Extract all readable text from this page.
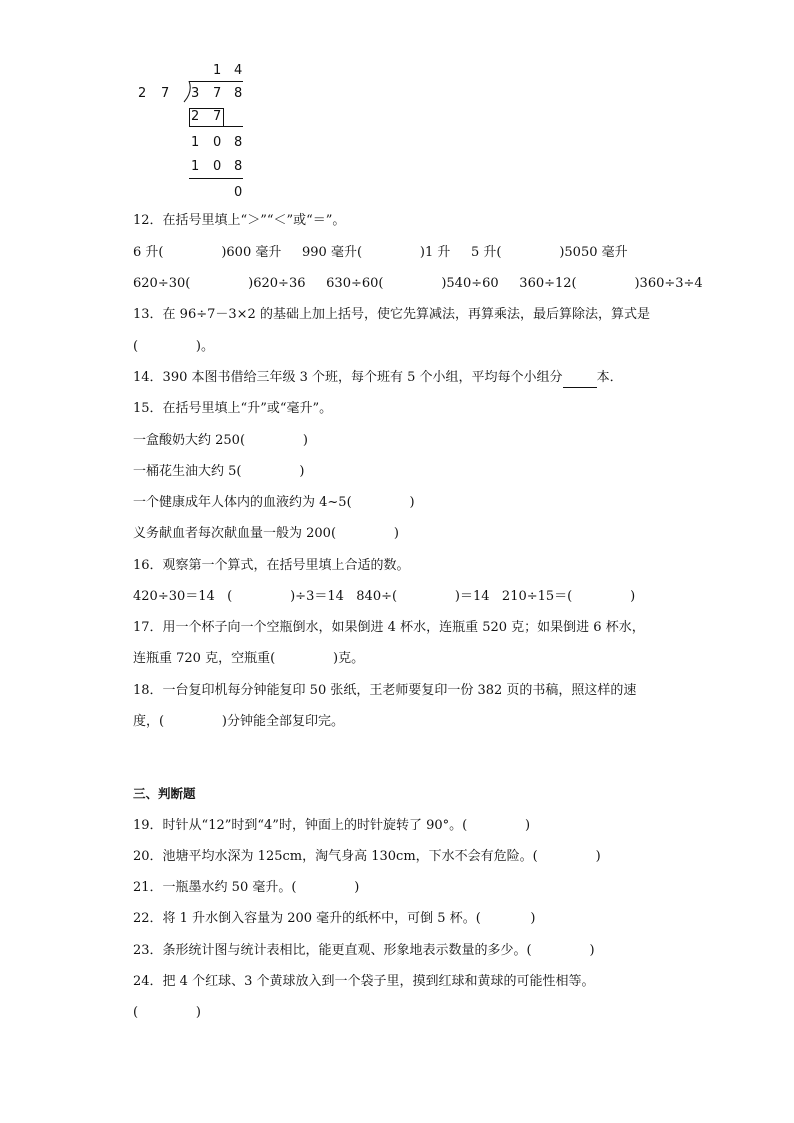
1 4
2 7 3 7 8
2 7
1 0 8
1 0 8
0
12．在括号里填上“＞”“＜”或“＝”。
6 升(              )600 毫升     990 毫升(              )1 升     5 升(              )5050 毫升
620÷30(              )620÷36     630÷60(              )540÷60     360÷12(              )360÷3÷4
13．在 96÷7－3×2 的基础上加上括号，使它先算减法，再算乘法，最后算除法，算式是
(              )。
14．390 本图书借给三年级 3 个班，每个班有 5 个小组，平均每个小组分	本．
15．在括号里填上“升”或“毫升”。
一盒酸奶大约 250(              )
一桶花生油大约 5(              )
一个健康成年人体内的血液约为 4~5(              )
义务献血者每次献血量一般为 200(              )
16．观察第一个算式，在括号里填上合适的数。
420÷30＝14   (              )÷3＝14   840÷(              )＝14   210÷15＝(              )
17．用一个杯子向一个空瓶倒水，如果倒进 4 杯水，连瓶重 520 克；如果倒进 6 杯水，
连瓶重 720 克，空瓶重(              )克。
18．一台复印机每分钟能复印 50 张纸，王老师要复印一份 382 页的书稿，照这样的速
度，(              )分钟能全部复印完。
三、判断题
19．时针从“12”时到“4”时，钟面上的时针旋转了 90°。(              )
20．池塘平均水深为 125cm，淘气身高 130cm，下水不会有危险。(              )
21．一瓶墨水约 50 毫升。(              )
22．将 1 升水倒入容量为 200 毫升的纸杯中，可倒 5 杯。(            )
23．条形统计图与统计表相比，能更直观、形象地表示数量的多少。(              )
24．把 4 个红球、3 个黄球放入到一个袋子里，摸到红球和黄球的可能性相等。
(              )
